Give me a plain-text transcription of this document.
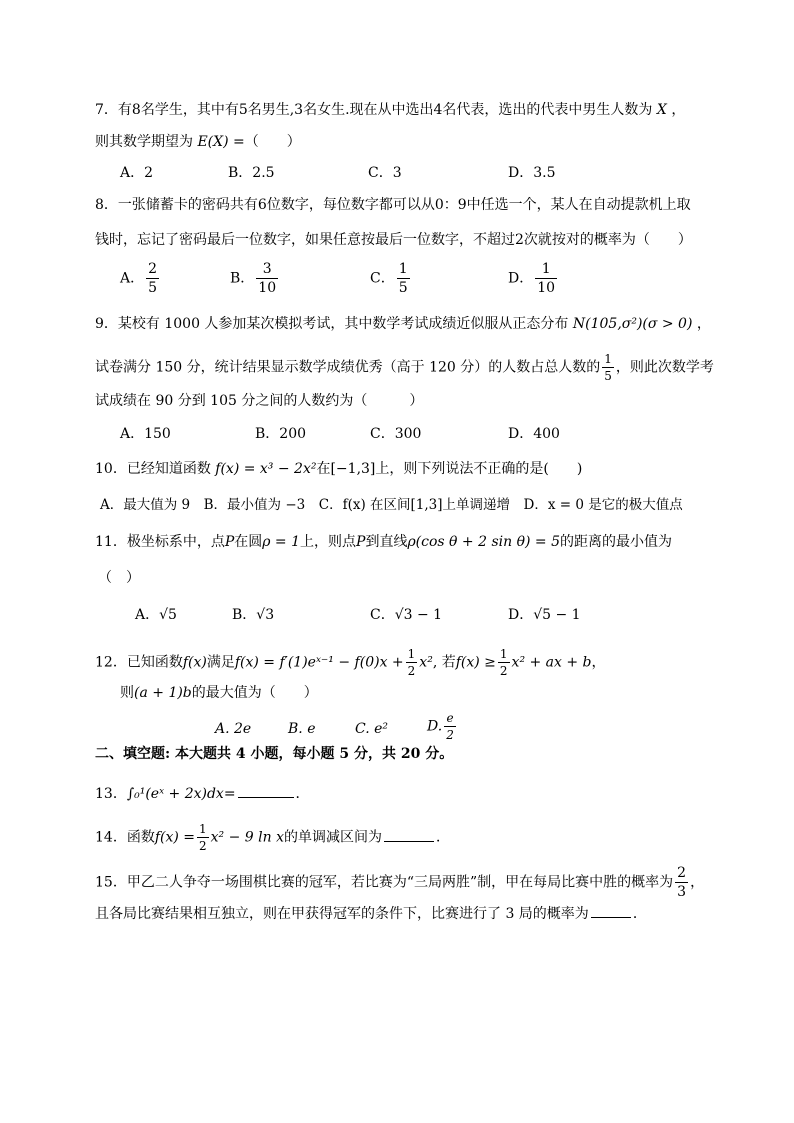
7．有8名学生，其中有5名男生,3名女生.现在从中选出4名代表，选出的代表中男生人数为 X ，
则其数学期望为 E(X) =（　　）
A．2	B．2.5	C．3	D．3.5
8．一张储蓄卡的密码共有6位数字，每位数字都可以从0：9中任选一个，某人在自动提款机上取
钱时，忘记了密码最后一位数字，如果任意按最后一位数字，不超过2次就按对的概率为（　　）
A． $\frac{2}{5}$	B． $\frac{3}{10}$	C． $\frac{1}{5}$	D． $\frac{1}{10}$
9．某校有 1000 人参加某次模拟考试，其中数学考试成绩近似服从正态分布 N(105,σ²)(σ > 0) ，
试卷满分 150 分，统计结果显示数学成绩优秀（高于 120 分）的人数占总人数的 $\frac{1}{5}$ ，则此次数学考
试成绩在 90 分到 105 分之间的人数约为（　　　）
A．150	B．200	C．300	D．400
10．已经知道函数 f(x) = x³ − 2x²在[−1,3]上，则下列说法不正确的是(　　)
A．最大值为 9　B．最小值为 −3　C．f(x) 在区间[1,3]上单调递增　D．x = 0 是它的极大值点
11．极坐标系中，点P在圆ρ = 1上，则点P到直线ρ(cos θ + 2 sin θ) = 5的距离的最小值为
（　）
A．√5	B．√3	C．√3 − 1	D．√5 − 1
12．已知函数f(x)满足f(x) = f′(1)eˣ⁻¹ − $f(0)x + \frac{1}{2} x^2$, 若$f(x) \ge \frac{1}{2} x^2$ + ax + b，
则(a + 1)b的最大值为（　　）
A. 2e	B. e	C. e²	D. $\frac{e}{2}$
二、填空题: 本大题共 4 小题，每小题 5 分，共 20 分。
13．∫₀¹(eˣ + 2x)dx=	．
14．函数$f(x) = \frac{1}{2} x^2 - 9$ ln x的单调减区间为	．
15．甲乙二人争夺一场围棋比赛的冠军，若比赛为“三局两胜”制，甲在每局比赛中胜的概率为 $\frac{2}{3}$ ，
且各局比赛结果相互独立，则在甲获得冠军的条件下，比赛进行了 3 局的概率为	．
